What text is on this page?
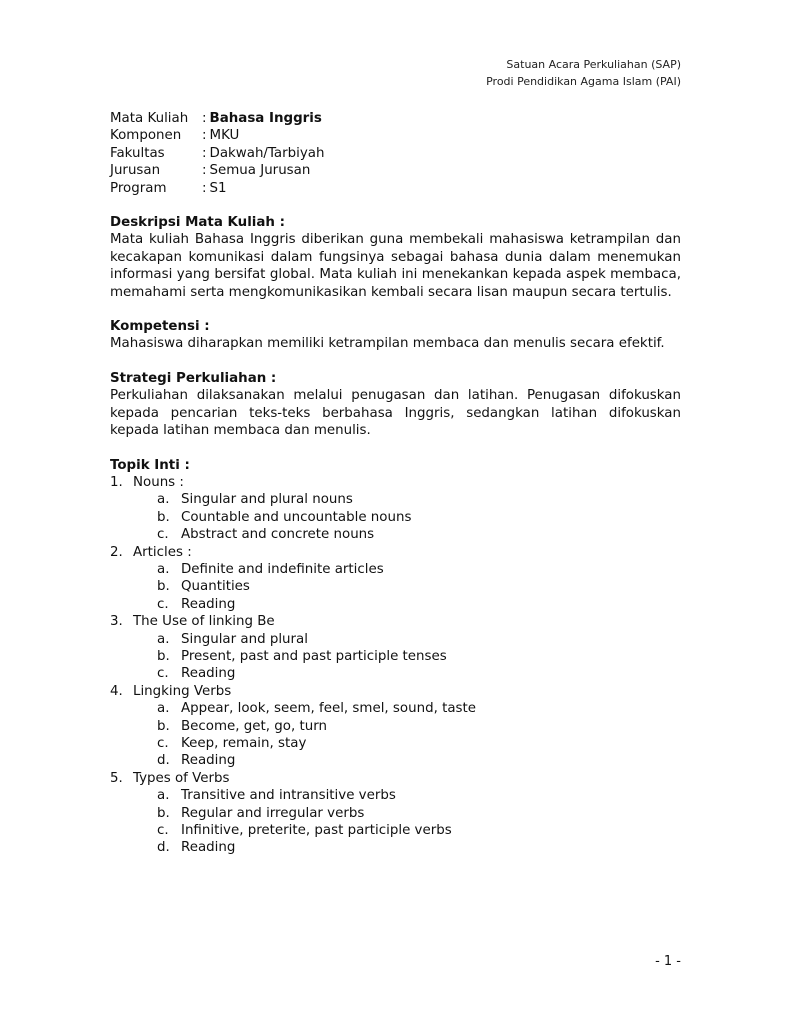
Satuan Acara Perkuliahan (SAP)
Prodi Pendidikan Agama Islam (PAI)
Mata Kuliah	: Bahasa Inggris
Komponen	: MKU
Fakultas	: Dakwah/Tarbiyah
Jurusan	: Semua Jurusan
Program	: S1
Deskripsi Mata Kuliah :

Mata kuliah Bahasa Inggris diberikan guna membekali mahasiswa ketrampilan dan kecakapan komunikasi dalam fungsinya sebagai bahasa dunia dalam menemukan informasi yang bersifat global. Mata kuliah ini menekankan kepada aspek membaca, memahami serta mengkomunikasikan kembali secara lisan maupun secara tertulis.

Kompetensi :

Mahasiswa diharapkan memiliki ketrampilan membaca dan menulis secara efektif.

Strategi Perkuliahan :

Perkuliahan dilaksanakan melalui penugasan dan latihan. Penugasan difokuskan kepada pencarian teks-teks berbahasa Inggris, sedangkan latihan difokuskan kepada latihan membaca dan menulis.

Topik Inti :
1. Nouns :
a. Singular and plural nouns
b. Countable and uncountable nouns
c. Abstract and concrete nouns
2. Articles :
a. Definite and indefinite articles
b. Quantities
c. Reading
3. The Use of linking Be
a. Singular and plural
b. Present, past and past participle tenses
c. Reading
4. Lingking Verbs
a. Appear, look, seem, feel, smel, sound, taste
b. Become, get, go, turn
c. Keep, remain, stay
d. Reading
5. Types of Verbs
a. Transitive and intransitive verbs
b. Regular and irregular verbs
c. Infinitive, preterite, past participle verbs
d. Reading
- 1 -
